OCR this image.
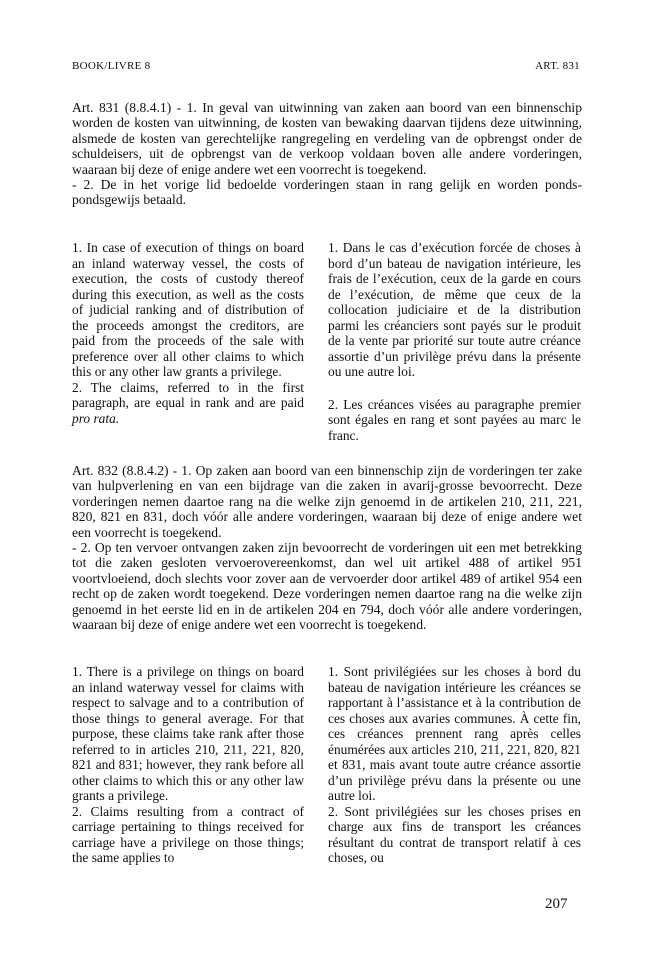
BOOK/LIVRE 8	ART. 831

Art. 831 (8.8.4.1) - 1. In geval van uitwinning van zaken aan boord van een binnenschip worden de kosten van uitwinning, de kosten van bewaking daarvan tijdens deze uitwinning, alsmede de kosten van gerechtelijke rangregeling en verdeling van de opbrengst onder de schuldeisers, uit de opbrengst van de verkoop voldaan boven alle andere vorderingen, waaraan bij deze of enige andere wet een voorrecht is toegekend.

- 2. De in het vorige lid bedoelde vorderingen staan in rang gelijk en worden ponds-pondsgewijs betaald.

1. In case of execution of things on board an inland waterway vessel, the costs of execution, the costs of custody thereof during this execution, as well as the costs of judicial ranking and of distribution of the proceeds amongst the creditors, are paid from the proceeds of the sale with preference over all other claims to which this or any other law grants a privilege.

2. The claims, referred to in the first paragraph, are equal in rank and are paid pro rata.

1. Dans le cas d’exécution forcée de choses à bord d’un bateau de navigation intérieure, les frais de l’exécution, ceux de la garde en cours de l’exécution, de même que ceux de la collocation judiciaire et de la distribution parmi les créanciers sont payés sur le produit de la vente par priorité sur toute autre créance assortie d’un privilège prévu dans la présente ou une autre loi.

2. Les créances visées au paragraphe premier sont égales en rang et sont payées au marc le franc.

Art. 832 (8.8.4.2) - 1. Op zaken aan boord van een binnenschip zijn de vorderingen ter zake van hulpverlening en van een bijdrage van die zaken in avarij-grosse bevoorrecht. Deze vorderingen nemen daartoe rang na die welke zijn genoemd in de artikelen 210, 211, 221, 820, 821 en 831, doch vóór alle andere vorderingen, waaraan bij deze of enige andere wet een voorrecht is toegekend.

- 2. Op ten vervoer ontvangen zaken zijn bevoorrecht de vorderingen uit een met betrekking tot die zaken gesloten vervoerovereenkomst, dan wel uit artikel 488 of artikel 951 voortvloeiend, doch slechts voor zover aan de vervoerder door artikel 489 of artikel 954 een recht op de zaken wordt toegekend. Deze vorderingen nemen daartoe rang na die welke zijn genoemd in het eerste lid en in de artikelen 204 en 794, doch vóór alle andere vorderingen, waaraan bij deze of enige andere wet een voorrecht is toegekend.

1. There is a privilege on things on board an inland waterway vessel for claims with respect to salvage and to a contribution of those things to general average. For that purpose, these claims take rank after those referred to in articles 210, 211, 221, 820, 821 and 831; however, they rank before all other claims to which this or any other law grants a privilege.

2. Claims resulting from a contract of carriage pertaining to things received for carriage have a privilege on those things; the same applies to

1. Sont privilégiées sur les choses à bord du bateau de navigation intérieure les créances se rapportant à l’assistance et à la contribution de ces choses aux avaries communes. À cette fin, ces créances prennent rang après celles énumérées aux articles 210, 211, 221, 820, 821 et 831, mais avant toute autre créance assortie d’un privilège prévu dans la présente ou une autre loi.

2. Sont privilégiées sur les choses prises en charge aux fins de transport les créances résultant du contrat de transport relatif à ces choses, ou

207
